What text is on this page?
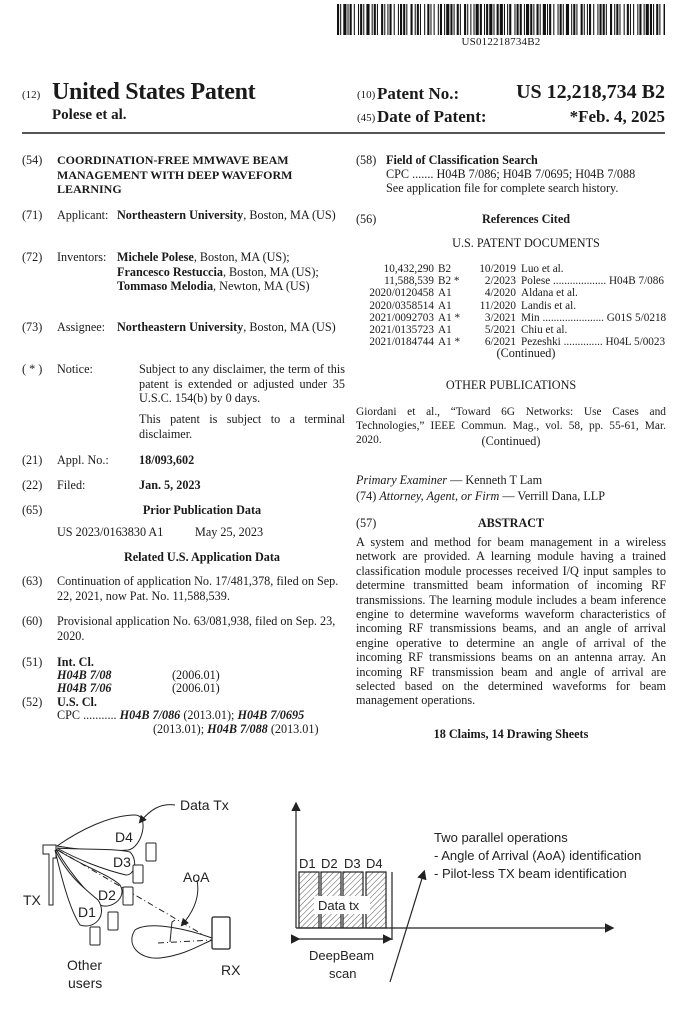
US012218734B2
(12) United States Patent
Polese et al.
(10) Patent No.:	US 12,218,734 B2
(45) Date of Patent:	*Feb. 4, 2025
(54) COORDINATION-FREE MMWAVE BEAM MANAGEMENT WITH DEEP WAVEFORM LEARNING
(71) Applicant: Northeastern University, Boston, MA (US)
(72) Inventors: Michele Polese, Boston, MA (US); Francesco Restuccia, Boston, MA (US); Tommaso Melodia, Newton, MA (US)
(73) Assignee: Northeastern University, Boston, MA (US)
( * ) Notice:	Subject to any disclaimer, the term of this patent is extended or adjusted under 35 U.S.C. 154(b) by 0 days.
This patent is subject to a terminal disclaimer.
(21) Appl. No.: 18/093,602
(22) Filed:	Jan. 5, 2023
(65)	Prior Publication Data
US 2023/0163830 A1	May 25, 2023
Related U.S. Application Data
(63) Continuation of application No. 17/481,378, filed on Sep. 22, 2021, now Pat. No. 11,588,539.
(60) Provisional application No. 63/081,938, filed on Sep. 23, 2020.
(51) Int. Cl.
H04B 7/08	(2006.01)
H04B 7/06	(2006.01)
(52) U.S. Cl.
CPC ........... H04B 7/086 (2013.01); H04B 7/0695
(2013.01); H04B 7/088 (2013.01)
(58) Field of Classification Search
CPC ....... H04B 7/086; H04B 7/0695; H04B 7/088
See application file for complete search history.
(56)	References Cited
U.S. PATENT DOCUMENTS
10,432,290	B2	10/2019	Luo et al.
11,588,539	B2 *	2/2023	Polese ................... H04B 7/086
2020/0120458	A1	4/2020	Aldana et al.
2020/0358514	A1	11/2020	Landis et al.
2021/0092703	A1 *	3/2021	Min ...................... G01S 5/0218
2021/0135723	A1	5/2021	Chiu et al.
2021/0184744	A1 *	6/2021	Pezeshki .............. H04L 5/0023
(Continued)
OTHER PUBLICATIONS
Giordani et al., “Toward 6G Networks: Use Cases and Technologies,” IEEE Commun. Mag., vol. 58, pp. 55-61, Mar. 2020.	(Continued)
Primary Examiner — Kenneth T Lam
(74) Attorney, Agent, or Firm — Verrill Dana, LLP
(57)	ABSTRACT
A system and method for beam management in a wireless network are provided. A learning module having a trained classification module processes received I/Q input samples to determine transmitted beam information of incoming RF transmissions. The learning module includes a beam inference engine to determine waveforms waveform characteristics of incoming RF transmissions beams, and an angle of arrival engine operative to determine an angle of arrival of the incoming RF transmissions beams on an antenna array. An incoming RF transmission beam and angle of arrival are selected based on the determined waveforms for beam management operations.
18 Claims, 14 Drawing Sheets
Data Tx
D4
D3
D2
D1
TX
AoA
RX
Other
users
D1 D2 D3 D4
Data tx
DeepBeam
scan
Two parallel operations
- Angle of Arrival (AoA) identification
- Pilot-less TX beam identification
